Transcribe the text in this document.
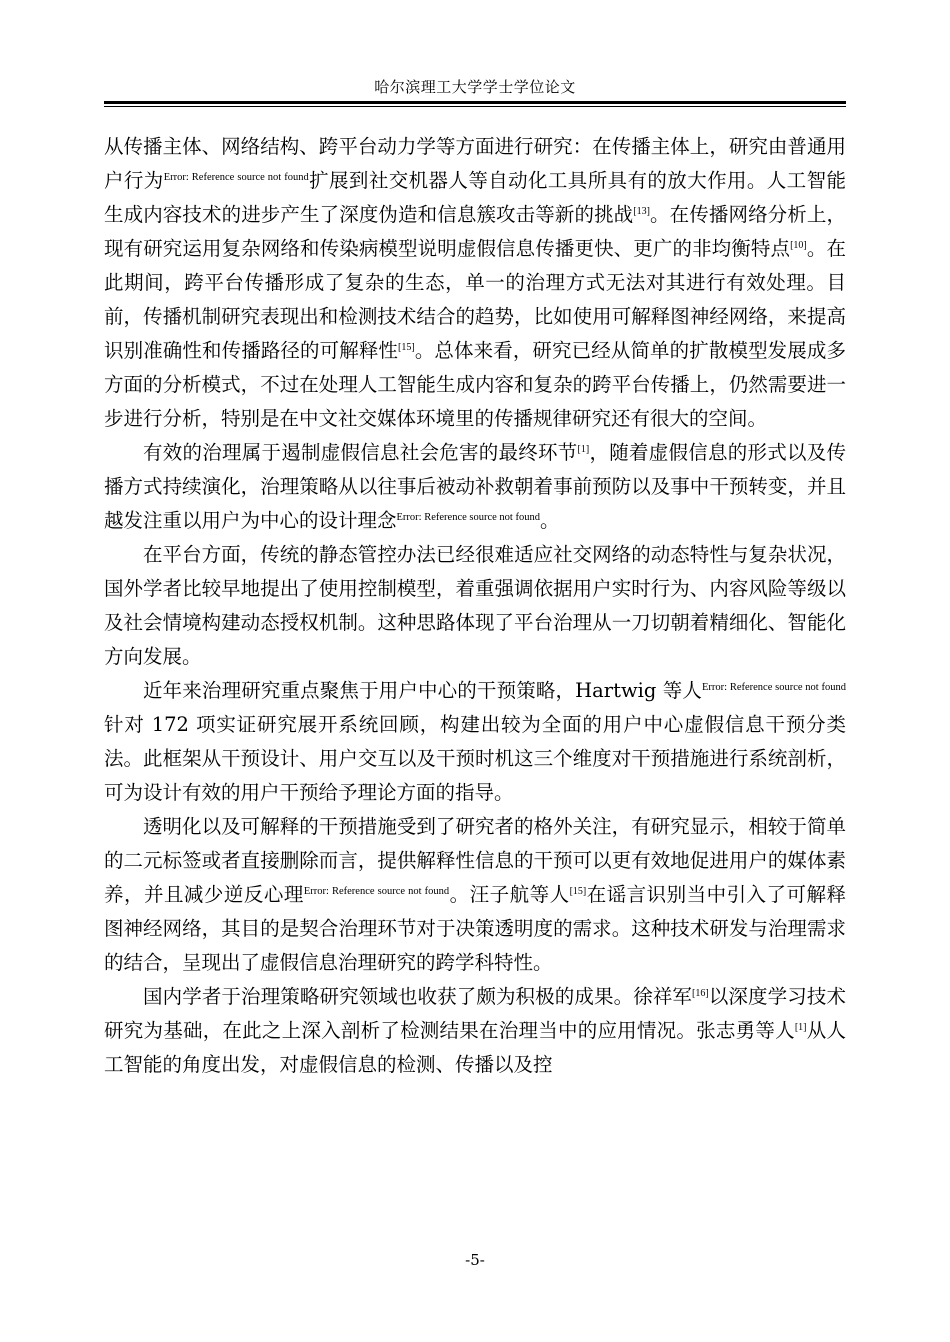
哈尔滨理工大学学士学位论文

从传播主体、网络结构、跨平台动力学等方面进行研究：在传播主体上，研究由普通用户行为$^{Error: Reference source not found}$扩展到社交机器人等自动化工具所具有的放大作用。人工智能生成内容技术的进步产生了深度伪造和信息簇攻击等新的挑战[13]。在传播网络分析上，现有研究运用复杂网络和传染病模型说明虚假信息传播更快、更广的非均衡特点[10]。在此期间，跨平台传播形成了复杂的生态，单一的治理方式无法对其进行有效处理。目前，传播机制研究表现出和检测技术结合的趋势，比如使用可解释图神经网络，来提高识别准确性和传播路径的可解释性[15]。总体来看，研究已经从简单的扩散模型发展成多方面的分析模式，不过在处理人工智能生成内容和复杂的跨平台传播上，仍然需要进一步进行分析，特别是在中文社交媒体环境里的传播规律研究还有很大的空间。

有效的治理属于遏制虚假信息社会危害的最终环节[1]，随着虚假信息的形式以及传播方式持续演化，治理策略从以往事后被动补救朝着事前预防以及事中干预转变，并且越发注重以用户为中心的设计理念$^{Error: Reference source not found}$。

在平台方面，传统的静态管控办法已经很难适应社交网络的动态特性与复杂状况，国外学者比较早地提出了使用控制模型，着重强调依据用户实时行为、内容风险等级以及社会情境构建动态授权机制。这种思路体现了平台治理从一刀切朝着精细化、智能化方向发展。

近年来治理研究重点聚焦于用户中心的干预策略，Hartwig 等人$^{Error: Reference source not found}$针对 172 项实证研究展开系统回顾，构建出较为全面的用户中心虚假信息干预分类法。此框架从干预设计、用户交互以及干预时机这三个维度对干预措施进行系统剖析，可为设计有效的用户干预给予理论方面的指导。

透明化以及可解释的干预措施受到了研究者的格外关注，有研究显示，相较于简单的二元标签或者直接删除而言，提供解释性信息的干预可以更有效地促进用户的媒体素养，并且减少逆反心理$^{Error: Reference source not found}$。汪子航等人[15]在谣言识别当中引入了可解释图神经网络，其目的是契合治理环节对于决策透明度的需求。这种技术研发与治理需求的结合，呈现出了虚假信息治理研究的跨学科特性。

国内学者于治理策略研究领域也收获了颇为积极的成果。徐祥军[16]以深度学习技术研究为基础，在此之上深入剖析了检测结果在治理当中的应用情况。张志勇等人[1]从人工智能的角度出发，对虚假信息的检测、传播以及控

-5-
